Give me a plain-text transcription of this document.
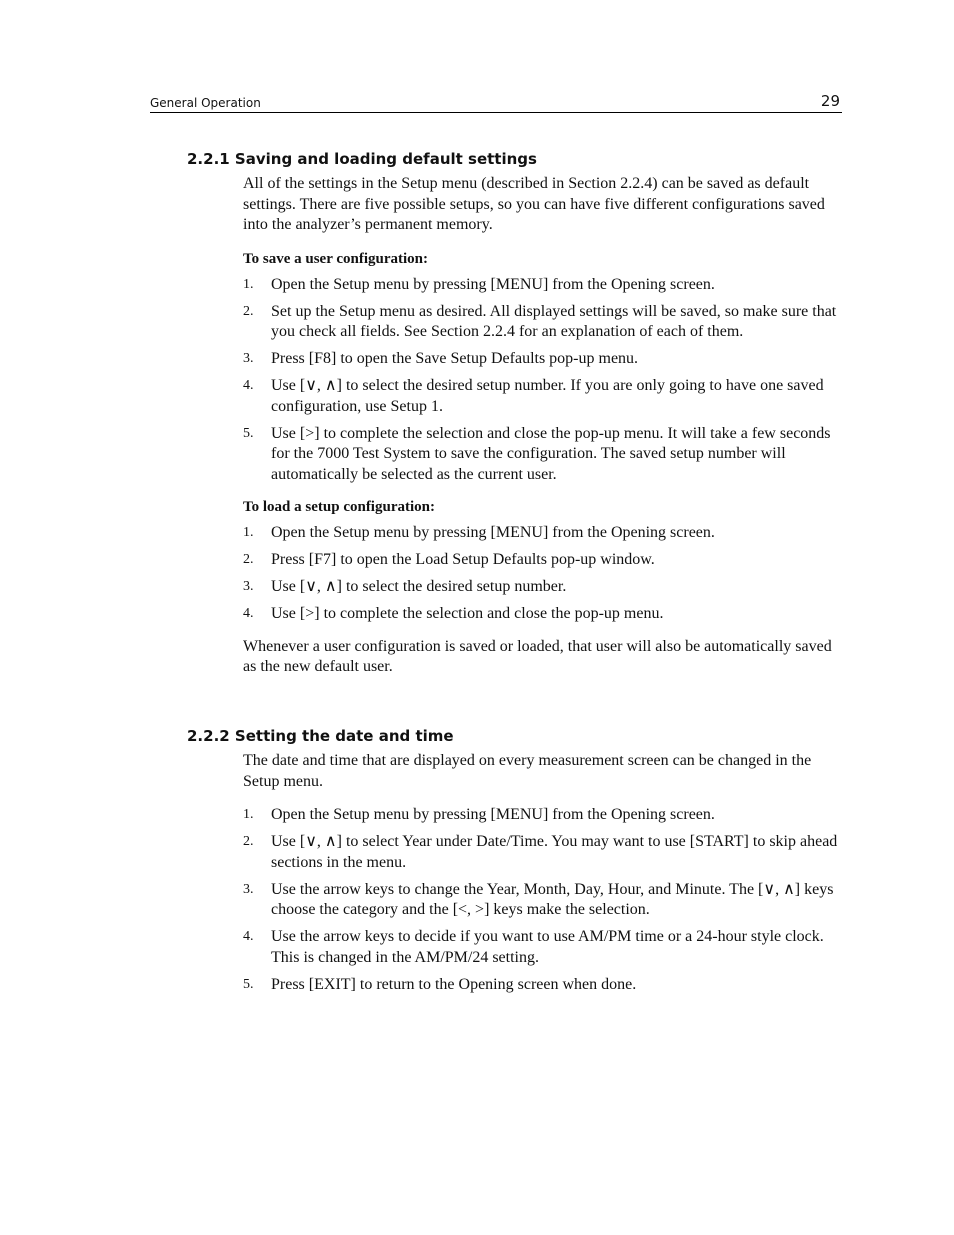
General Operation	29
2.2.1 Saving and loading default settings

All of the settings in the Setup menu (described in Section 2.2.4) can be saved as default settings. There are five possible setups, so you can have five different configurations saved into the analyzer’s permanent memory.

To save a user configuration:
1. Open the Setup menu by pressing [MENU] from the Opening screen.
2. Set up the Setup menu as desired. All displayed settings will be saved, so make sure that you check all fields. See Section 2.2.4 for an explanation of each of them.
3. Press [F8] to open the Save Setup Defaults pop-up menu.
4. Use [∨, ∧] to select the desired setup number. If you are only going to have one saved configuration, use Setup 1.
5. Use [>] to complete the selection and close the pop-up menu. It will take a few seconds for the 7000 Test System to save the configuration. The saved setup number will automatically be selected as the current user.
To load a setup configuration:
1. Open the Setup menu by pressing [MENU] from the Opening screen.
2. Press [F7] to open the Load Setup Defaults pop-up window.
3. Use [∨, ∧] to select the desired setup number.
4. Use [>] to complete the selection and close the pop-up menu.

Whenever a user configuration is saved or loaded, that user will also be automatically saved as the new default user.

2.2.2 Setting the date and time

The date and time that are displayed on every measurement screen can be changed in the Setup menu.

1. Open the Setup menu by pressing [MENU] from the Opening screen.
2. Use [∨, ∧] to select Year under Date/Time. You may want to use [START] to skip ahead sections in the menu.
3. Use the arrow keys to change the Year, Month, Day, Hour, and Minute. The [∨, ∧] keys choose the category and the [<, >] keys make the selection.
4. Use the arrow keys to decide if you want to use AM/PM time or a 24-hour style clock. This is changed in the AM/PM/24 setting.
5. Press [EXIT] to return to the Opening screen when done.
